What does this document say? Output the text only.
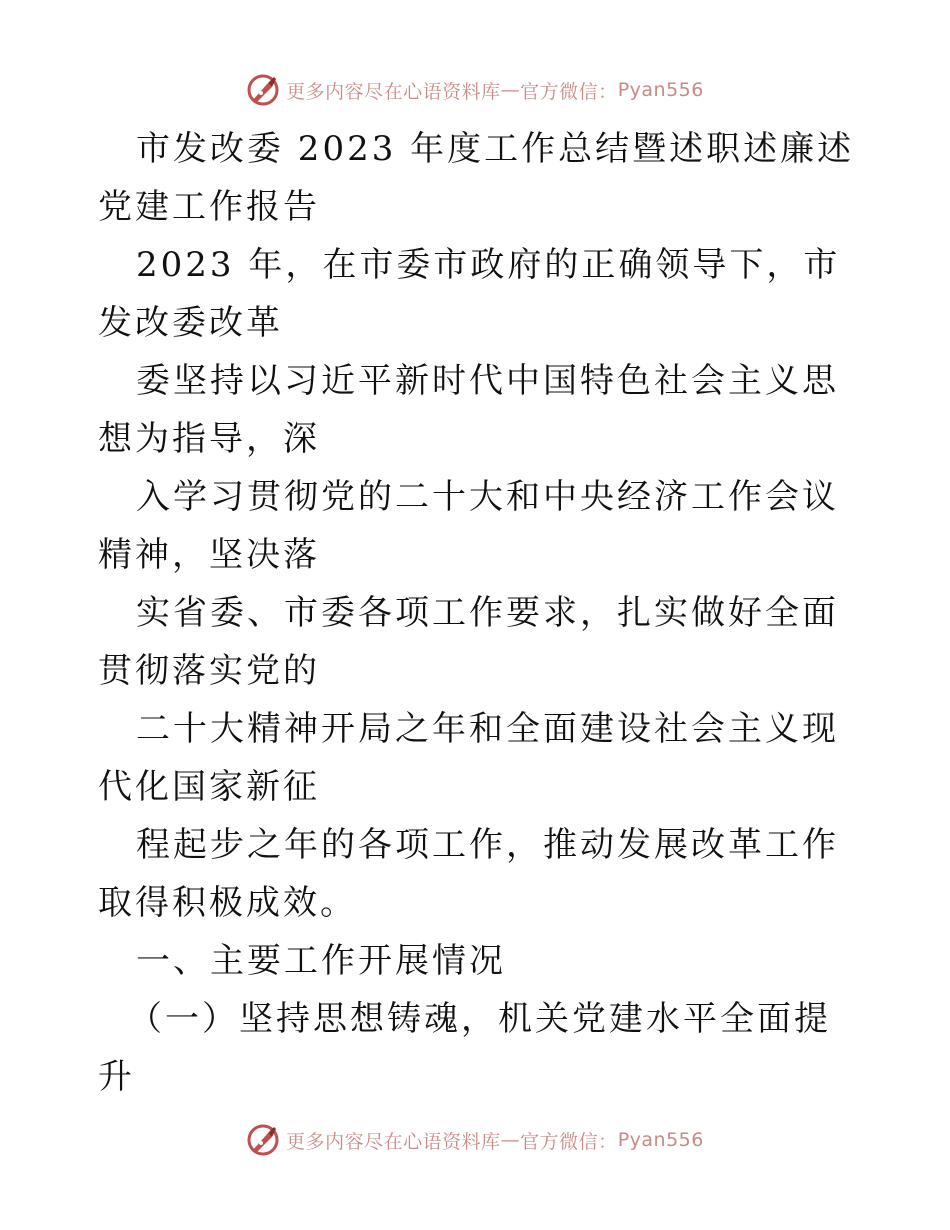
更多内容尽在心语资料库 — 官方微信： Pyan556

市发改委 2023 年度工作总结暨述职述廉述党建工作报告

2023 年，在市委市政府的正确领导下，市发改委改革

委坚持以习近平新时代中国特色社会主义思想为指导，深

入学习贯彻党的二十大和中央经济工作会议精神，坚决落

实省委、市委各项工作要求，扎实做好全面贯彻落实党的

二十大精神开局之年和全面建设社会主义现代化国家新征

程起步之年的各项工作，推动发展改革工作取得积极成效。

一、主要工作开展情况

（一）坚持思想铸魂，机关党建水平全面提升

更多内容尽在心语资料库 — 官方微信： Pyan556
